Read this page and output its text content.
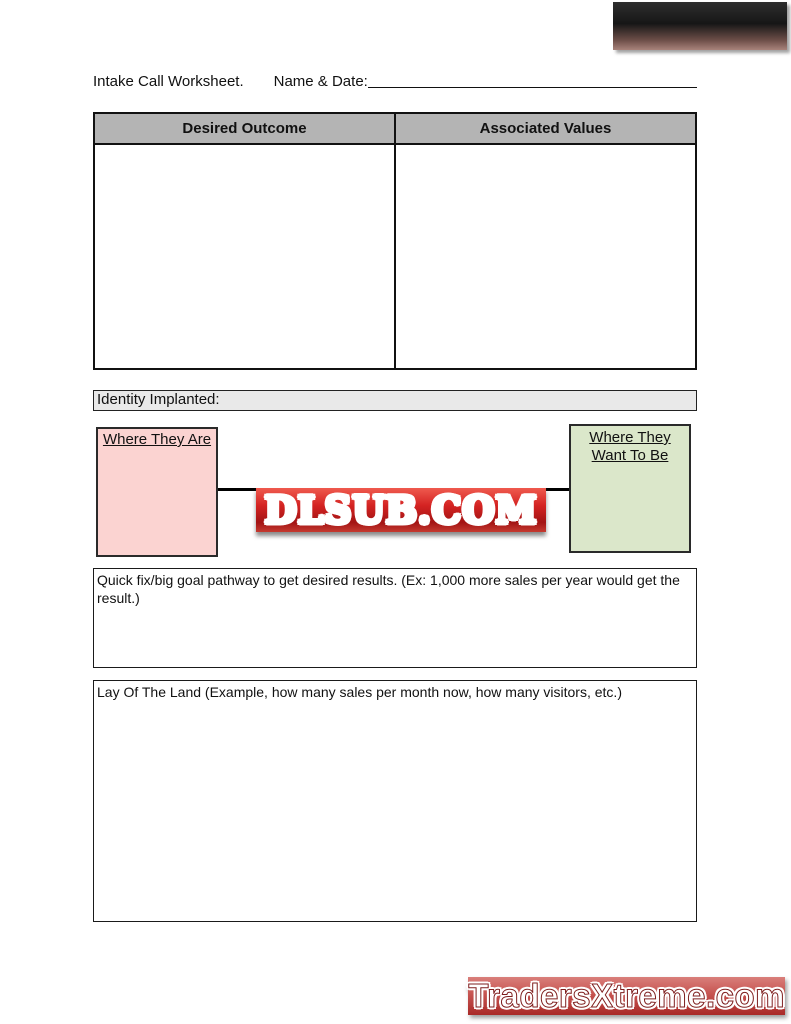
Intake Call Worksheet. Name & Date:
Desired Outcome	Associated Values
Identity Implanted:
Where They Are	Where They
Want To Be
DLSUB.COM
Quick fix/big goal pathway to get desired results. (Ex: 1,000 more sales per year would get the result.)
Lay Of The Land (Example, how many sales per month now, how many visitors, etc.)
TradersXtreme.com
